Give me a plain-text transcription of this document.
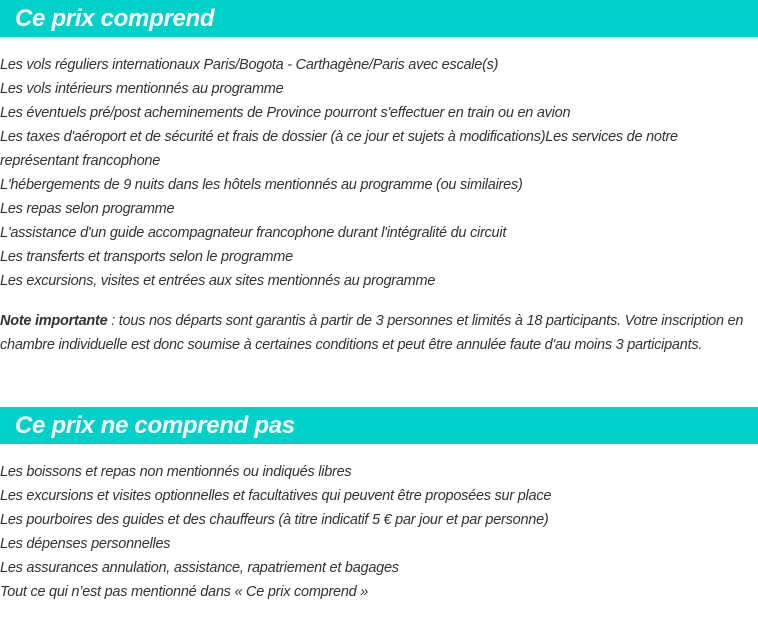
Ce prix comprend
Les vols réguliers internationaux Paris/Bogota - Carthagène/Paris avec escale(s)
Les vols intérieurs mentionnés au programme
Les éventuels pré/post acheminements de Province pourront s'effectuer en train ou en avion
Les taxes d'aéroport et de sécurité et frais de dossier (à ce jour et sujets à modifications)Les services de notre représentant francophone
L'hébergements de 9 nuits dans les hôtels mentionnés au programme (ou similaires)
Les repas selon programme
L'assistance d'un guide accompagnateur francophone durant l'intégralité du circuit
Les transferts et transports selon le programme
Les excursions, visites et entrées aux sites mentionnés au programme

Note importante : tous nos départs sont garantis à partir de 3 personnes et limités à 18 participants. Votre inscription en chambre individuelle est donc soumise à certaines conditions et peut être annulée faute d'au moins 3 participants.

Ce prix ne comprend pas
Les boissons et repas non mentionnés ou indiqués libres
Les excursions et visites optionnelles et facultatives qui peuvent être proposées sur place
Les pourboires des guides et des chauffeurs (à titre indicatif 5 € par jour et par personne)
Les dépenses personnelles
Les assurances annulation, assistance, rapatriement et bagages
Tout ce qui n’est pas mentionné dans « Ce prix comprend »
